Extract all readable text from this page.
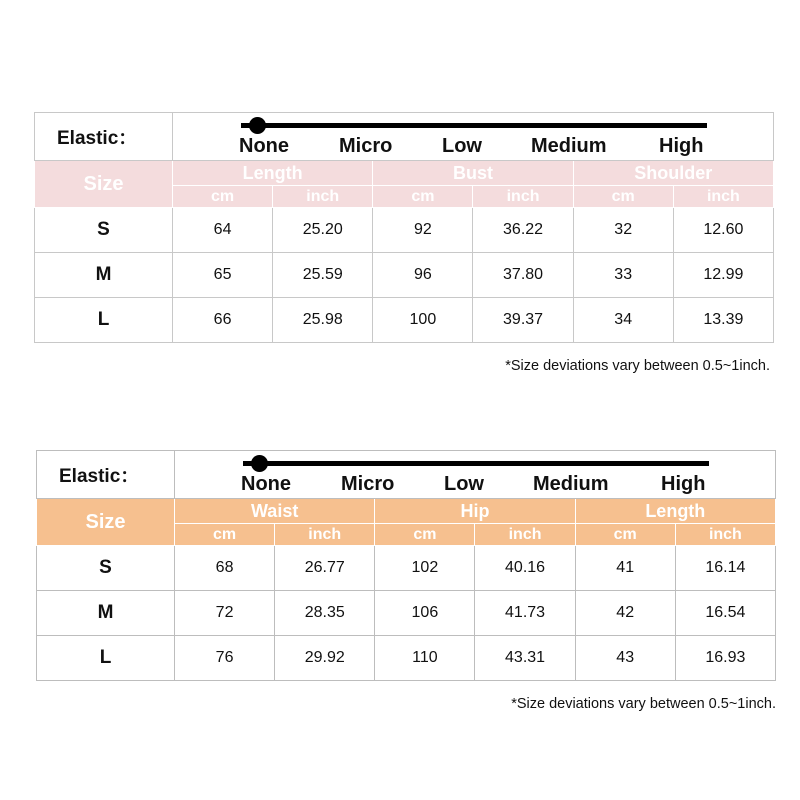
Elastic：	None Micro Low Medium High					

Size	Length		Bust		Shoulder	
	cm	inch	cm	inch	cm	inch
S	64	25.20	92	36.22	32	12.60
M	65	25.59	96	37.80	33	12.99
L	66	25.98	100	39.37	34	13.39
*Size deviations vary between 0.5~1inch.
Elastic：	None Micro Low Medium High					

Size	Waist		Hip		Length	
	cm	inch	cm	inch	cm	inch
S	68	26.77	102	40.16	41	16.14
M	72	28.35	106	41.73	42	16.54
L	76	29.92	110	43.31	43	16.93
*Size deviations vary between 0.5~1inch.
